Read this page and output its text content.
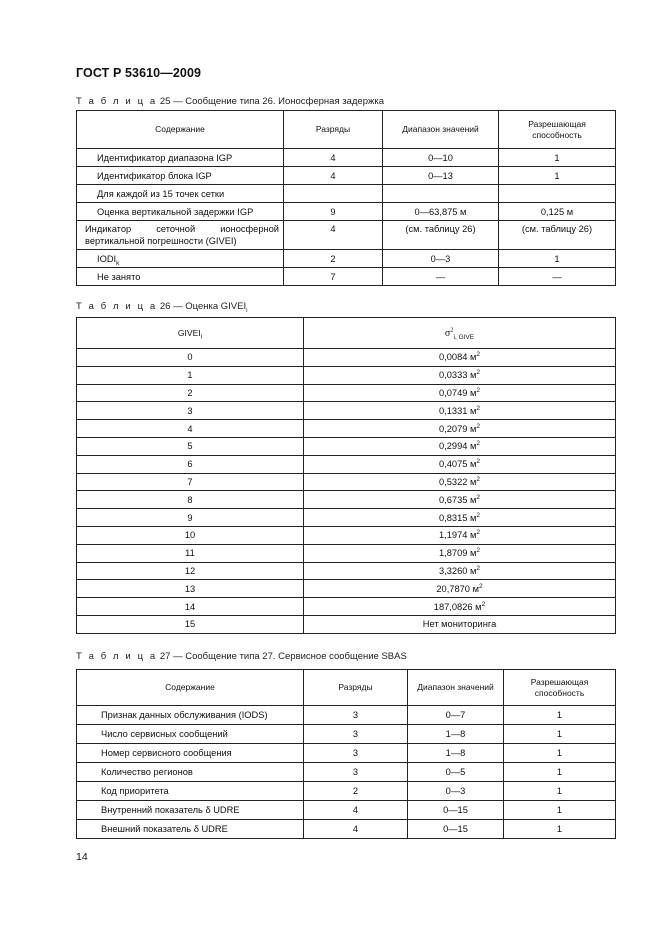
ГОСТ Р 53610—2009
Т а б л и ц а 25 — Сообщение типа 26. Ионосферная задержка
Содержание	Разряды	Диапазон значений	Разрешающая способность
Идентификатор диапазона IGP	4	0—10	1
Идентификатор блока IGP	4	0—13	1
Для каждой из 15 точек сетки			
Оценка вертикальной задержки IGP	9	0—63,875 м	0,125 м
Индикатор сеточной ионосферной вертикальной погрешности (GIVEI)	4	(см. таблицу 26)	(см. таблицу 26)
$IODI_k$	2	0—3	1
Не занято	7	—	—
Т а б л и ц а 26 — Оценка $GIVEI_i$
$GIVEI_i$	$\sigma^2_{i, GIVE}$
0	0,0084 $м^2$
1	0,0333 $м^2$
2	0,0749 $м^2$
3	0,1331 $м^2$
4	0,2079 $м^2$
5	0,2994 $м^2$
6	0,4075 $м^2$
7	0,5322 $м^2$
8	0,6735 $м^2$
9	0,8315 $м^2$
10	1,1974 $м^2$
11	1,8709 $м^2$
12	3,3260 $м^2$
13	20,7870 $м^2$
14	187,0826 $м^2$
15	Нет мониторинга
Т а б л и ц а 27 — Сообщение типа 27. Сервисное сообщение SBAS
Содержание	Разряды	Диапазон значений	Разрешающая способность
Признак данных обслуживания (IODS)	3	0—7	1
Число сервисных сообщений	3	1—8	1
Номер сервисного сообщения	3	1—8	1
Количество регионов	3	0—5	1
Код приоритета	2	0—3	1
Внутренний показатель δ UDRE	4	0—15	1
Внешний показатель δ UDRE	4	0—15	1
14
